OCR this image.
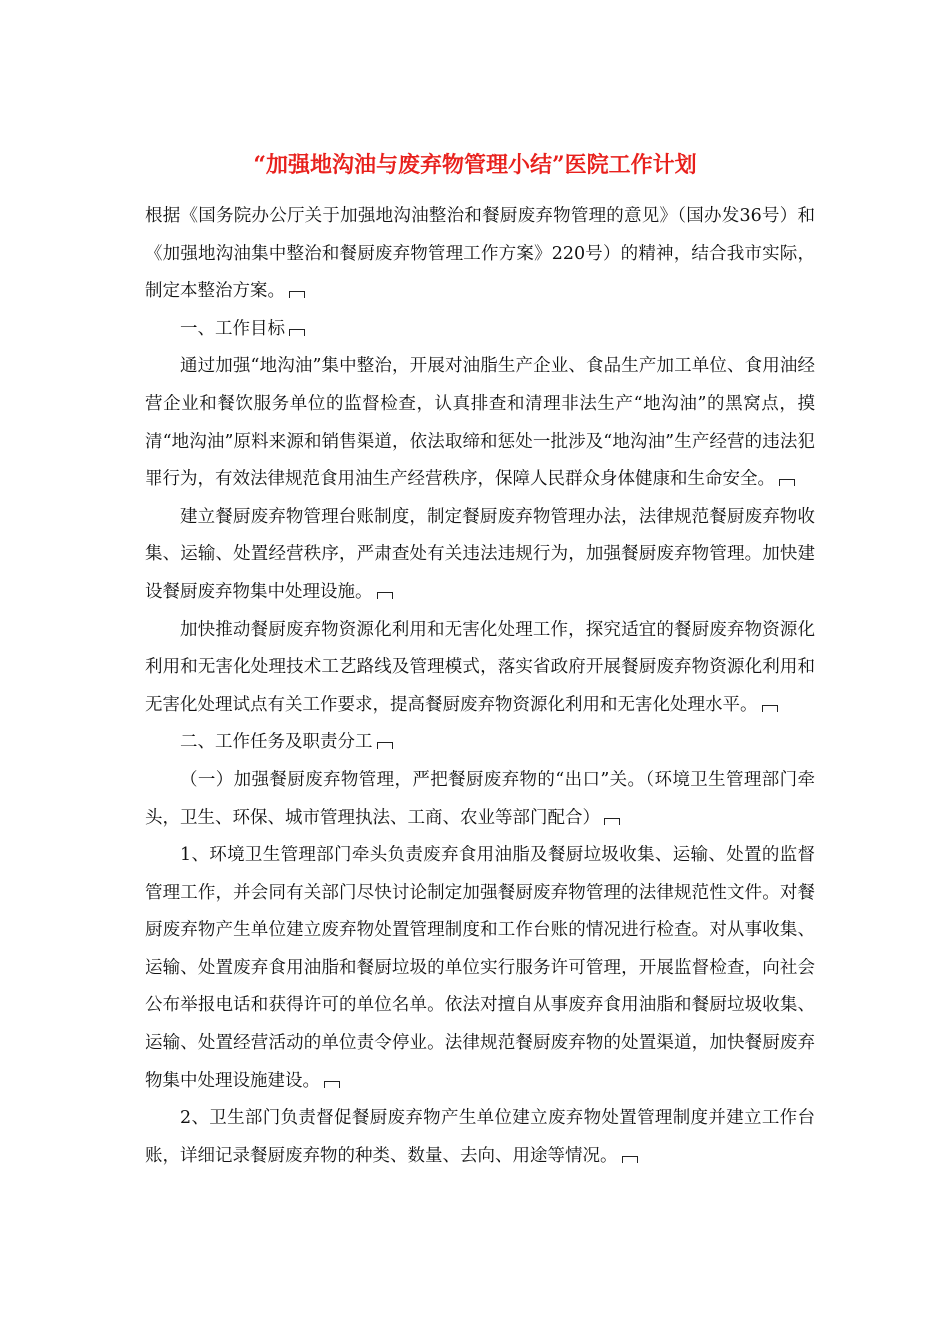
“加强地沟油与废弃物管理小结”医院工作计划

根据《国务院办公厅关于加强地沟油整治和餐厨废弃物管理的意见》（国办发36号）和《加强地沟油集中整治和餐厨废弃物管理工作方案》220号）的精神，结合我市实际，制定本整治方案。

一、工作目标

通过加强“地沟油”集中整治，开展对油脂生产企业、食品生产加工单位、食用油经营企业和餐饮服务单位的监督检查，认真排查和清理非法生产“地沟油”的黑窝点，摸清“地沟油”原料来源和销售渠道，依法取缔和惩处一批涉及“地沟油”生产经营的违法犯罪行为，有效法律规范食用油生产经营秩序，保障人民群众身体健康和生命安全。

建立餐厨废弃物管理台账制度，制定餐厨废弃物管理办法，法律规范餐厨废弃物收集、运输、处置经营秩序，严肃查处有关违法违规行为，加强餐厨废弃物管理。加快建设餐厨废弃物集中处理设施。

加快推动餐厨废弃物资源化利用和无害化处理工作，探究适宜的餐厨废弃物资源化利用和无害化处理技术工艺路线及管理模式，落实省政府开展餐厨废弃物资源化利用和无害化处理试点有关工作要求，提高餐厨废弃物资源化利用和无害化处理水平。

二、工作任务及职责分工

（一）加强餐厨废弃物管理，严把餐厨废弃物的“出口”关。（环境卫生管理部门牵头，卫生、环保、城市管理执法、工商、农业等部门配合）

1、环境卫生管理部门牵头负责废弃食用油脂及餐厨垃圾收集、运输、处置的监督管理工作，并会同有关部门尽快讨论制定加强餐厨废弃物管理的法律规范性文件。对餐厨废弃物产生单位建立废弃物处置管理制度和工作台账的情况进行检查。对从事收集、运输、处置废弃食用油脂和餐厨垃圾的单位实行服务许可管理，开展监督检查，向社会公布举报电话和获得许可的单位名单。依法对擅自从事废弃食用油脂和餐厨垃圾收集、运输、处置经营活动的单位责令停业。法律规范餐厨废弃物的处置渠道，加快餐厨废弃物集中处理设施建设。

2、卫生部门负责督促餐厨废弃物产生单位建立废弃物处置管理制度并建立工作台账，详细记录餐厨废弃物的种类、数量、去向、用途等情况。
